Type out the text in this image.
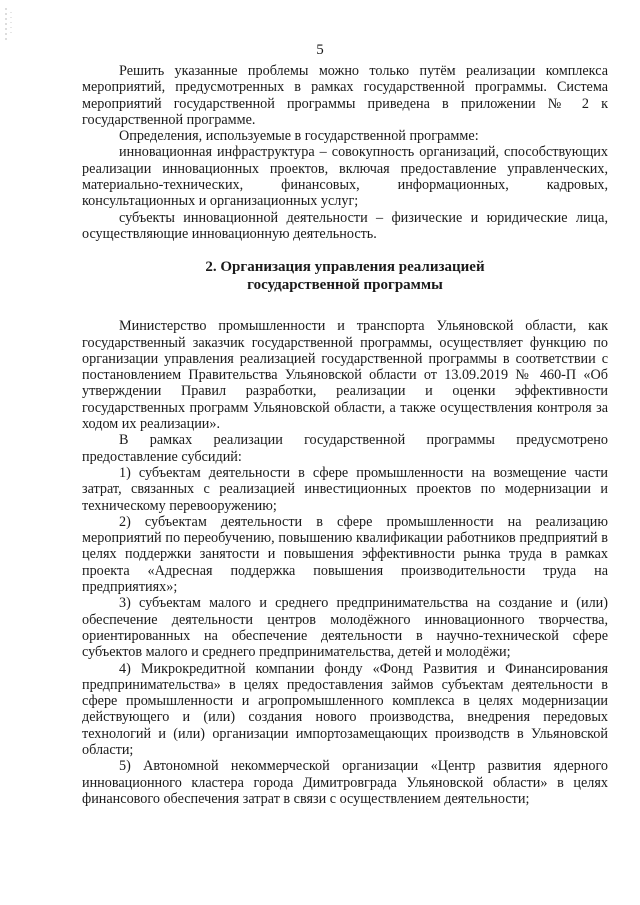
5

Решить указанные проблемы можно только путём реализации комплекса мероприятий, предусмотренных в рамках государственной программы. Система мероприятий государственной программы приведена в приложении № 2 к государственной программе.

Определения, используемые в государственной программе:

инновационная инфраструктура – совокупность организаций, способствующих реализации инновационных проектов, включая предоставление управленческих, материально-технических, финансовых, информационных, кадровых, консультационных и организационных услуг;

субъекты инновационной деятельности – физические и юридические лица, осуществляющие инновационную деятельность.

2. Организация управления реализацией
государственной программы

Министерство промышленности и транспорта Ульяновской области, как государственный заказчик государственной программы, осуществляет функцию по организации управления реализацией государственной программы в соответствии с постановлением Правительства Ульяновской области от 13.09.2019 № 460-П «Об утверждении Правил разработки, реализации и оценки эффективности государственных программ Ульяновской области, а также осуществления контроля за ходом их реализации».

В рамках реализации государственной программы предусмотрено предоставление субсидий:

1) субъектам деятельности в сфере промышленности на возмещение части затрат, связанных с реализацией инвестиционных проектов по модернизации и техническому перевооружению;

2) субъектам деятельности в сфере промышленности на реализацию мероприятий по переобучению, повышению квалификации работников предприятий в целях поддержки занятости и повышения эффективности рынка труда в рамках проекта «Адресная поддержка повышения производительности труда на предприятиях»;

3) субъектам малого и среднего предпринимательства на создание и (или) обеспечение деятельности центров молодёжного инновационного творчества, ориентированных на обеспечение деятельности в научно-технической сфере субъектов малого и среднего предпринимательства, детей и молодёжи;

4) Микрокредитной компании фонду «Фонд Развития и Финансирования предпринимательства» в целях предоставления займов субъектам деятельности в сфере промышленности и агропромышленного комплекса в целях модернизации действующего и (или) создания нового производства, внедрения передовых технологий и (или) организации импортозамещающих производств в Ульяновской области;

5) Автономной некоммерческой организации «Центр развития ядерного инновационного кластера города Димитровграда Ульяновской области» в целях финансового обеспечения затрат в связи с осуществлением деятельности;
